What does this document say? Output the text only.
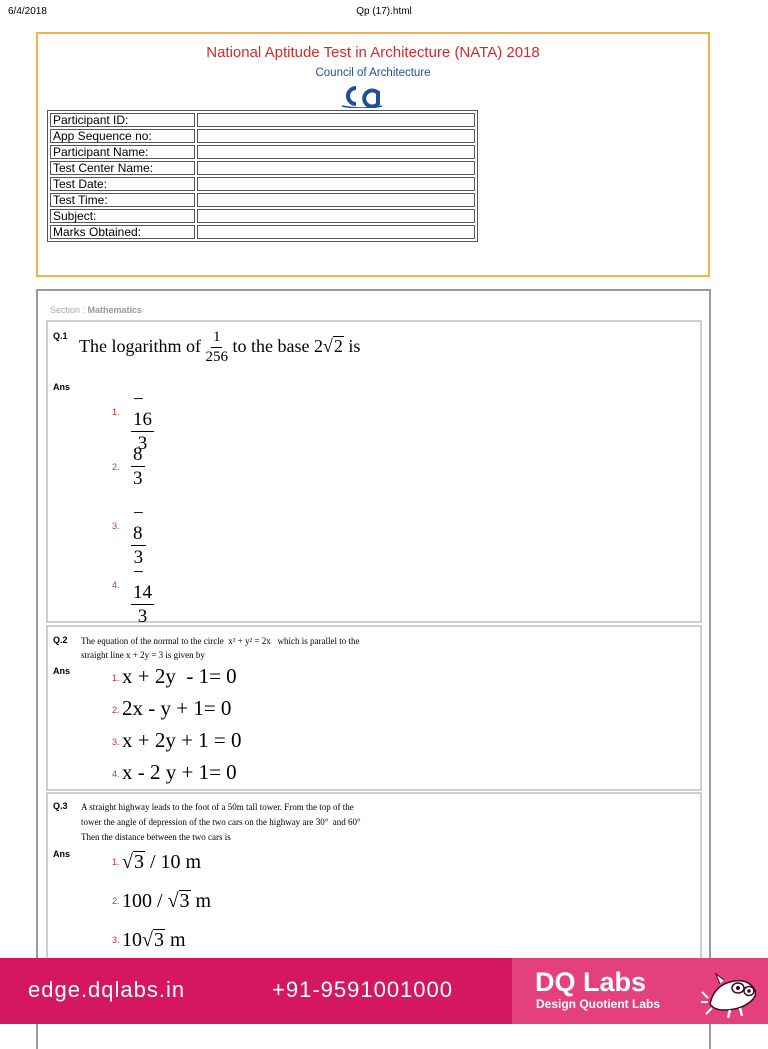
6/4/2018	Qp (17).html
National Aptitude Test in Architecture (NATA) 2018
Council of Architecture
Participant ID:	
App Sequence no:	
Participant Name:	
Test Center Name:	
Test Date:	
Test Time:	
Subject:	
Marks Obtained:	
Section : Mathematics
Q.1 The logarithm of $\frac{1}{256}$ to the base 2√2 is
Ans
1. $\frac{- 16}{3}$
2. $\frac{8}{3}$
3. $\frac{- 8}{3}$
4. $\frac{- 14}{3}$
Q.2 The equation of the normal to the circle x² + y² = 2x which is parallel to the
straight line x + 2y = 3 is given by
Ans
1. x + 2y  - 1= 0
2. 2x - y + 1= 0
3. x + 2y + 1 = 0
4. x - 2 y + 1= 0
Q.3 A straight highway leads to the foot of a 50m tall tower. From the top of the
tower the angle of depression of the two cars on the highway are 30° and 60°
Then the distance between the two cars is
Ans
1. √3 / 10 m
2. 100 / √3 m
3. 10√3 m
edge.dqlabs.in	+91-9591001000	DQ Labs
Design Quotient Labs
